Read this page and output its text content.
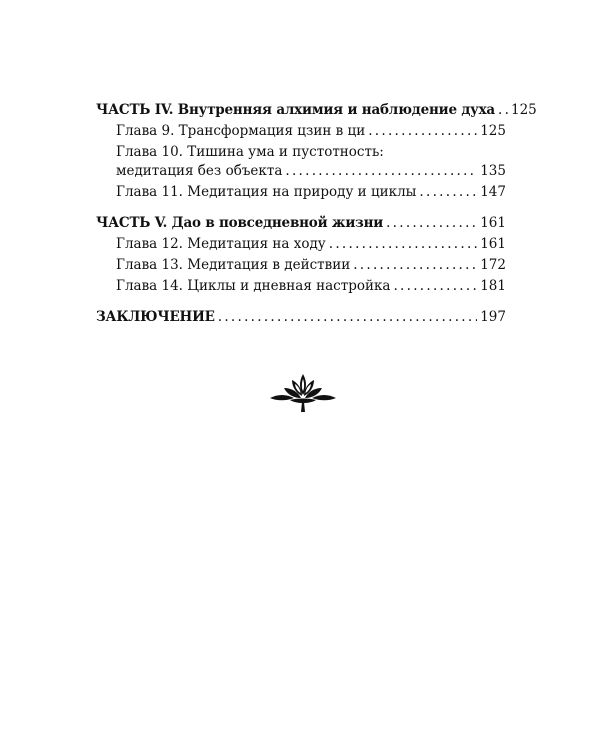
ЧАСТЬ IV. Внутренняя алхимия и наблюдение духа . . . 125
Глава 9. Трансформация цзин в ци . . .	125
Глава 10. Тишина ума и пустотность:
медитация без объекта . . .	135
Глава 11. Медитация на природу и циклы . . .	147
ЧАСТЬ V. Дао в повседневной жизни . . .	161
Глава 12. Медитация на ходу . . .	161
Глава 13. Медитация в действии . . .	172
Глава 14. Циклы и дневная настройка . . .	181
ЗАКЛЮЧЕНИЕ . . .	197
